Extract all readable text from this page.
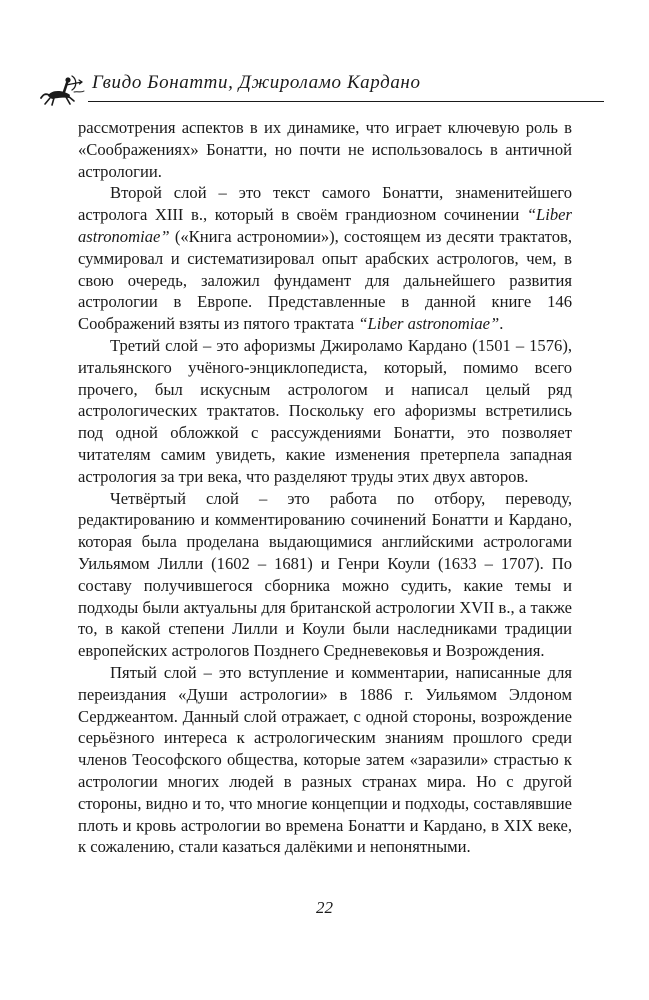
Гвидо Бонатти, Джироламо Кардано

рассмотрения аспектов в их динамике, что играет ключевую роль в «Соображениях» Бонатти, но почти не использовалось в античной астрологии.

Второй слой – это текст самого Бонатти, знаменитейшего астролога XIII в., который в своём грандиозном сочинении “Liber astronomiae” («Книга астрономии»), состоящем из десяти трактатов, суммировал и систематизировал опыт арабских астрологов, чем, в свою очередь, заложил фундамент для дальнейшего развития астрологии в Европе. Представленные в данной книге 146 Соображений взяты из пятого трактата “Liber astronomiae”.

Третий слой – это афоризмы Джироламо Кардано (1501 – 1576), итальянского учёного-энциклопедиста, который, помимо всего прочего, был искусным астрологом и написал целый ряд астрологических трактатов. Поскольку его афоризмы встретились под одной обложкой с рассуждениями Бонатти, это позволяет читателям самим увидеть, какие изменения претерпела западная астрология за три века, что разделяют труды этих двух авторов.

Четвёртый слой – это работа по отбору, переводу, редактированию и комментированию сочинений Бонатти и Кардано, которая была проделана выдающимися английскими астрологами Уильямом Лилли (1602 – 1681) и Генри Коули (1633 – 1707). По составу получившегося сборника можно судить, какие темы и подходы были актуальны для британской астрологии XVII в., а также то, в какой степени Лилли и Коули были наследниками традиции европейских астрологов Позднего Средневековья и Возрождения.

Пятый слой – это вступление и комментарии, написанные для переиздания «Души астрологии» в 1886 г. Уильямом Элдоном Серджеантом. Данный слой отражает, с одной стороны, возрождение серьёзного интереса к астрологическим знаниям прошлого среди членов Теософского общества, которые затем «заразили» страстью к астрологии многих людей в разных странах мира. Но с другой стороны, видно и то, что многие концепции и подходы, составлявшие плоть и кровь астрологии во времена Бонатти и Кардано, в XIX веке, к сожалению, стали казаться далёкими и непонятными.

22
